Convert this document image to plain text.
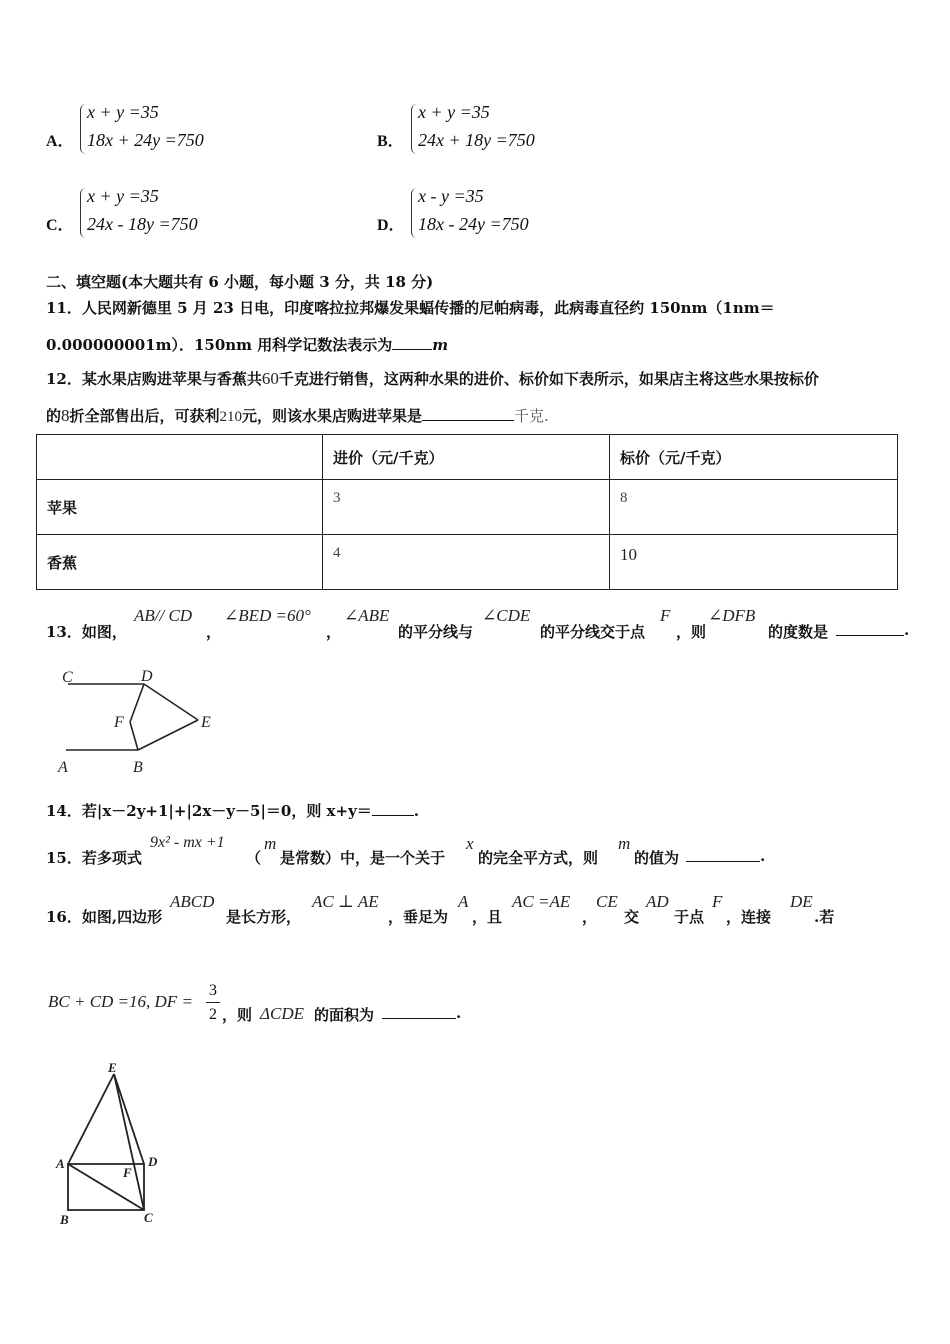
A．
x + y =35
18x + 24y =750	B．
x + y =35
24x + 18y =750
C．
x + y =35
24x - 18y =750	D．
x - y =35
18x - 24y =750
二、填空题(本大题共有 6 小题，每小题 3 分，共 18 分)
11．人民网新德里 5 月 23 日电，印度喀拉拉邦爆发果蝠传播的尼帕病毒，此病毒直径约 150nm（1nm＝
0.000000001m）．150nm 用科学记数法表示为	m
12．某水果店购进苹果与香蕉共60千克进行销售，这两种水果的进价、标价如下表所示，如果店主将这些水果按标价
的8折全部售出后，可获利210元，则该水果店购进苹果是	千克.
	进价（元/千克）	标价（元/千克）
苹果	3	8
香蕉	4	10
13．如图，
AB// CD
，
∠BED =60°
，
∠ABE
的平分线与
∠CDE
的平分线交于点
F
，则
∠DFB
的度数是	.
C	D
F	E
A	B
14．若|x－2y+1|+|2x－y－5|＝0，则 x+y＝	.
15．若多项式
9x² - mx +1
（
m
是常数）中，是一个关于
x
的完全平方式，则
m
的值为	.
16．如图,四边形
ABCD
是长方形，
AC ⊥ AE
，垂足为
A
，且
AC =AE
，
CE
交
AD
于点
F
，连接
DE
.若
BC + CD =16, DF =
3
2 ，则 ΔCDE 的面积为	.
E
A	D
F
B	C
